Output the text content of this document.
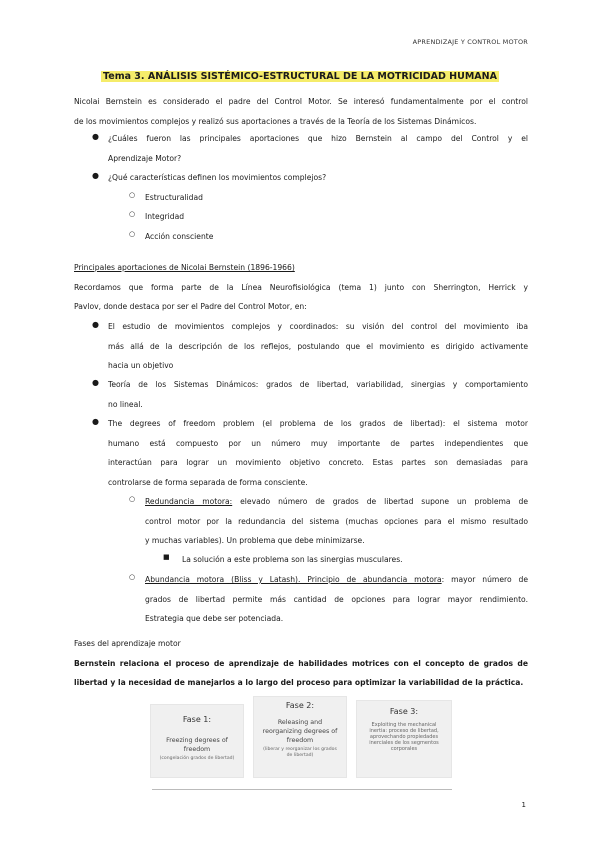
APRENDIZAJE Y CONTROL MOTOR
Tema 3. ANÁLISIS SISTÉMICO-ESTRUCTURAL DE LA MOTRICIDAD HUMANA
Nicolai Bernstein es considerado el padre del Control Motor. Se interesó fundamentalmente por el control
de los movimientos complejos y realizó sus aportaciones a través de la Teoría de los Sistemas Dinámicos.
● ¿Cuáles fueron las principales aportaciones que hizo Bernstein al campo del Control y el
Aprendizaje Motor?
● ¿Qué características definen los movimientos complejos?
○ Estructuralidad
○ Integridad
○ Acción consciente
Principales aportaciones de Nicolai Bernstein (1896-1966)
Recordamos que forma parte de la Línea Neurofisiológica (tema 1) junto con Sherrington, Herrick y
Pavlov, donde destaca por ser el Padre del Control Motor, en:
● El estudio de movimientos complejos y coordinados: su visión del control del movimiento iba
más allá de la descripción de los reflejos, postulando que el movimiento es dirigido activamente
hacia un objetivo
● Teoría de los Sistemas Dinámicos: grados de libertad, variabilidad, sinergias y comportamiento
no lineal.
● The degrees of freedom problem (el problema de los grados de libertad): el sistema motor
humano está compuesto por un número muy importante de partes independientes que
interactúan para lograr un movimiento objetivo concreto. Estas partes son demasiadas para
controlarse de forma separada de forma consciente.
○ Redundancia motora: elevado número de grados de libertad supone un problema de
control motor por la redundancia del sistema (muchas opciones para el mismo resultado
y muchas variables). Un problema que debe minimizarse.
■ La solución a este problema son las sinergias musculares.
○ Abundancia motora (Bliss y Latash). Principio de abundancia motora: mayor número de
grados de libertad permite más cantidad de opciones para lograr mayor rendimiento.
Estrategia que debe ser potenciada.
Fases del aprendizaje motor
Bernstein relaciona el proceso de aprendizaje de habilidades motrices con el concepto de grados de
libertad y la necesidad de manejarlos a lo largo del proceso para optimizar la variabilidad de la práctica.
Fase 1:
Freezing degrees of freedom
(congelación grados de libertad)
Fase 2:
Releasing and reorganizing degrees of freedom
(liberar y reorganizar los grados de libertad)
Fase 3:
Exploiting the mechanical inertia: proceso de libertad, aprovechando propiedades inerciales de los segmentos corporales
1
